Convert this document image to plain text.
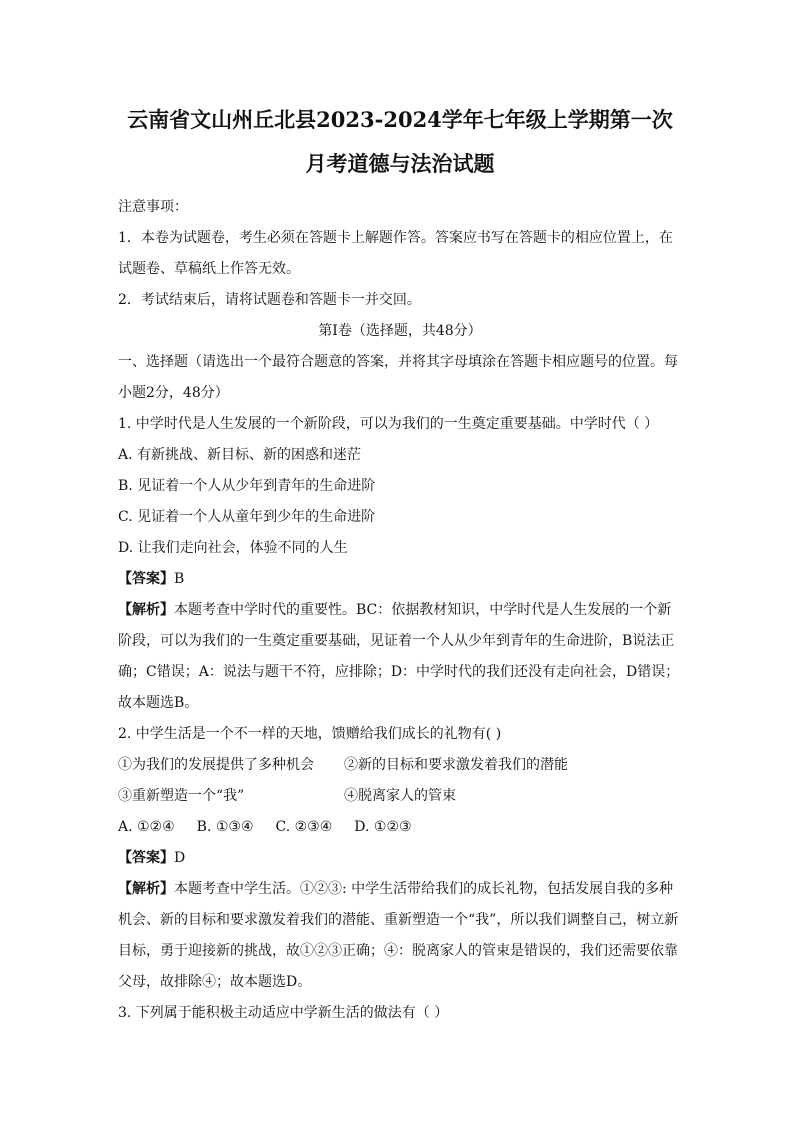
云南省文山州丘北县2023-2024学年七年级上学期第一次
月考道德与法治试题
注意事项：
1．本卷为试题卷，考生必须在答题卡上解题作答。答案应书写在答题卡的相应位置上，在
试题卷、草稿纸上作答无效。
2．考试结束后，请将试题卷和答题卡一并交回。
第I卷（选择题，共48分）
一、选择题（请选出一个最符合题意的答案，并将其字母填涂在答题卡相应题号的位置。每
小题2分，48分）
1. 中学时代是人生发展的一个新阶段，可以为我们的一生奠定重要基础。中学时代（ ）
A. 有新挑战、新目标、新的困惑和迷茫
B. 见证着一个人从少年到青年的生命进阶
C. 见证着一个人从童年到少年的生命进阶
D. 让我们走向社会，体验不同的人生
【答案】B
【解析】本题考查中学时代的重要性。BC：依据教材知识，中学时代是人生发展的一个新
阶段，可以为我们的一生奠定重要基础，见证着一个人从少年到青年的生命进阶，B说法正
确；C错误；A：说法与题干不符，应排除；D：中学时代的我们还没有走向社会，D错误；
故本题选B。
2. 中学生活是一个不一样的天地，馈赠给我们成长的礼物有( )
①为我们的发展提供了多种机会	②新的目标和要求激发着我们的潜能
③重新塑造一个“我”	④脱离家人的管束
A. ①②④ B. ①③④ C. ②③④ D. ①②③
【答案】D
【解析】本题考查中学生活。①②③: 中学生活带给我们的成长礼物，包括发展自我的多种
机会、新的目标和要求激发着我们的潜能、重新塑造一个“我”，所以我们调整自己，树立新
目标，勇于迎接新的挑战，故①②③正确；④：脱离家人的管束是错误的，我们还需要依靠
父母，故排除④；故本题选D。
3. 下列属于能积极主动适应中学新生活的做法有（ ）
